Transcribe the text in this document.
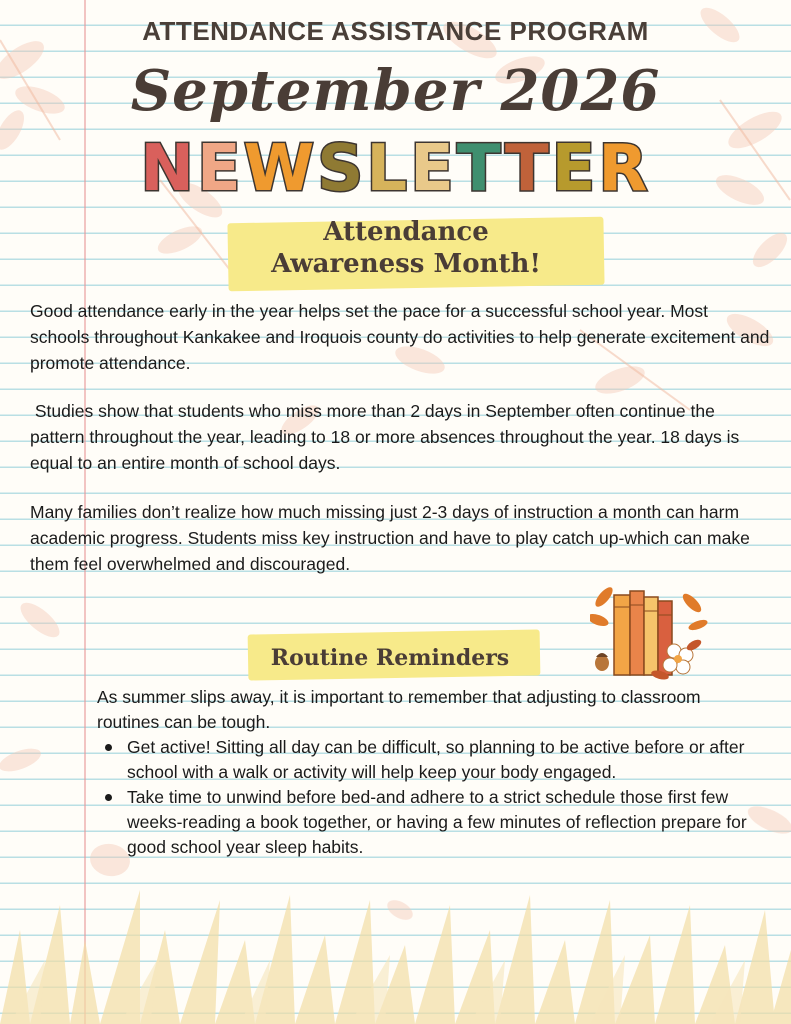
ATTENDANCE ASSISTANCE PROGRAM
September 2026
NEWSLETTER
Attendance
Awareness Month!

Good attendance early in the year helps set the pace for a successful school year. Most schools throughout Kankakee and Iroquois county do activities to help generate excitement and promote attendance.

Studies show that students who miss more than 2 days in September often continue the pattern throughout the year, leading to 18 or more absences throughout the year. 18 days is equal to an entire month of school days.

Many families don’t realize how much missing just 2-3 days of instruction a month can harm academic progress. Students miss key instruction and have to play catch up-which can make them feel overwhelmed and discouraged.

Routine Reminders

As summer slips away, it is important to remember that adjusting to classroom routines can be tough.

Get active! Sitting all day can be difficult, so planning to be active before or after school with a walk or activity will help keep your body engaged.
Take time to unwind before bed-and adhere to a strict schedule those first few weeks-reading a book together, or having a few minutes of reflection prepare for good school year sleep habits.
